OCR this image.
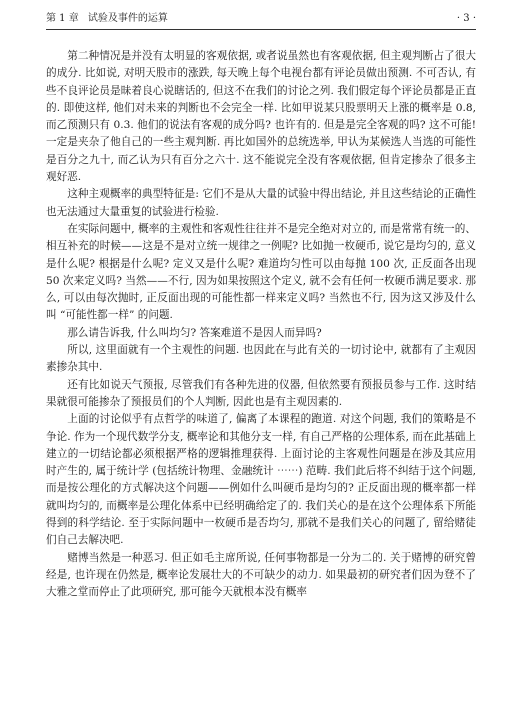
第 1 章 试验及事件的运算	· 3 ·

第二种情况是并没有太明显的客观依据, 或者说虽然也有客观依据, 但主观判断占了很大的成分. 比如说, 对明天股市的涨跌, 每天晚上每个电视台都有评论员做出预测. 不可否认, 有些不良评论员是昧着良心说瞎话的, 但这不在我们的讨论之列. 我们假定每个评论员都是正直的. 即使这样, 他们对未来的判断也不会完全一样. 比如甲说某只股票明天上涨的概率是 0.8, 而乙预测只有 0.3. 他们的说法有客观的成分吗? 也许有的. 但是是完全客观的吗? 这不可能! 一定是夹杂了他自己的一些主观判断. 再比如国外的总统选举, 甲认为某候选人当选的可能性是百分之九十, 而乙认为只有百分之六十. 这不能说完全没有客观依据, 但肯定掺杂了很多主观好恶.

这种主观概率的典型特征是: 它们不是从大量的试验中得出结论, 并且这些结论的正确性也无法通过大量重复的试验进行检验.

在实际问题中, 概率的主观性和客观性往往并不是完全绝对对立的, 而是常常有统一的、相互补充的时候——这是不是对立统一规律之一例呢? 比如抛一枚硬币, 说它是均匀的, 意义是什么呢? 根据是什么呢? 定义又是什么呢? 难道均匀性可以由每抛 100 次, 正反面各出现 50 次来定义吗? 当然——不行, 因为如果按照这个定义, 就不会有任何一枚硬币满足要求. 那么, 可以由每次抛时, 正反面出现的可能性都一样来定义吗? 当然也不行, 因为这又涉及什么叫 “可能性都一样” 的问题.

那么请告诉我, 什么叫均匀? 答案难道不是因人而异吗?

所以, 这里面就有一个主观性的问题. 也因此在与此有关的一切讨论中, 就都有了主观因素掺杂其中.

还有比如说天气预报, 尽管我们有各种先进的仪器, 但依然要有预报员参与工作. 这时结果就很可能掺杂了预报员们的个人判断, 因此也是有主观因素的.

上面的讨论似乎有点哲学的味道了, 偏离了本课程的跑道. 对这个问题, 我们的策略是不争论. 作为一个现代数学分支, 概率论和其他分支一样, 有自己严格的公理体系, 而在此基础上建立的一切结论都必须根据严格的逻辑推理获得. 上面讨论的主客观性问题是在涉及其应用时产生的, 属于统计学 (包括统计物理、金融统计 ⋯⋯) 范畴. 我们此后将不纠结于这个问题, 而是按公理化的方式解决这个问题——例如什么叫硬币是均匀的? 正反面出现的概率都一样就叫均匀的, 而概率是公理化体系中已经明确给定了的. 我们关心的是在这个公理体系下所能得到的科学结论. 至于实际问题中一枚硬币是否均匀, 那就不是我们关心的问题了, 留给赌徒们自己去解决吧.

赌博当然是一种恶习. 但正如毛主席所说, 任何事物都是一分为二的. 关于赌博的研究曾经是, 也许现在仍然是, 概率论发展壮大的不可缺少的动力. 如果最初的研究者们因为登不了大雅之堂而停止了此项研究, 那可能今天就根本没有概率
